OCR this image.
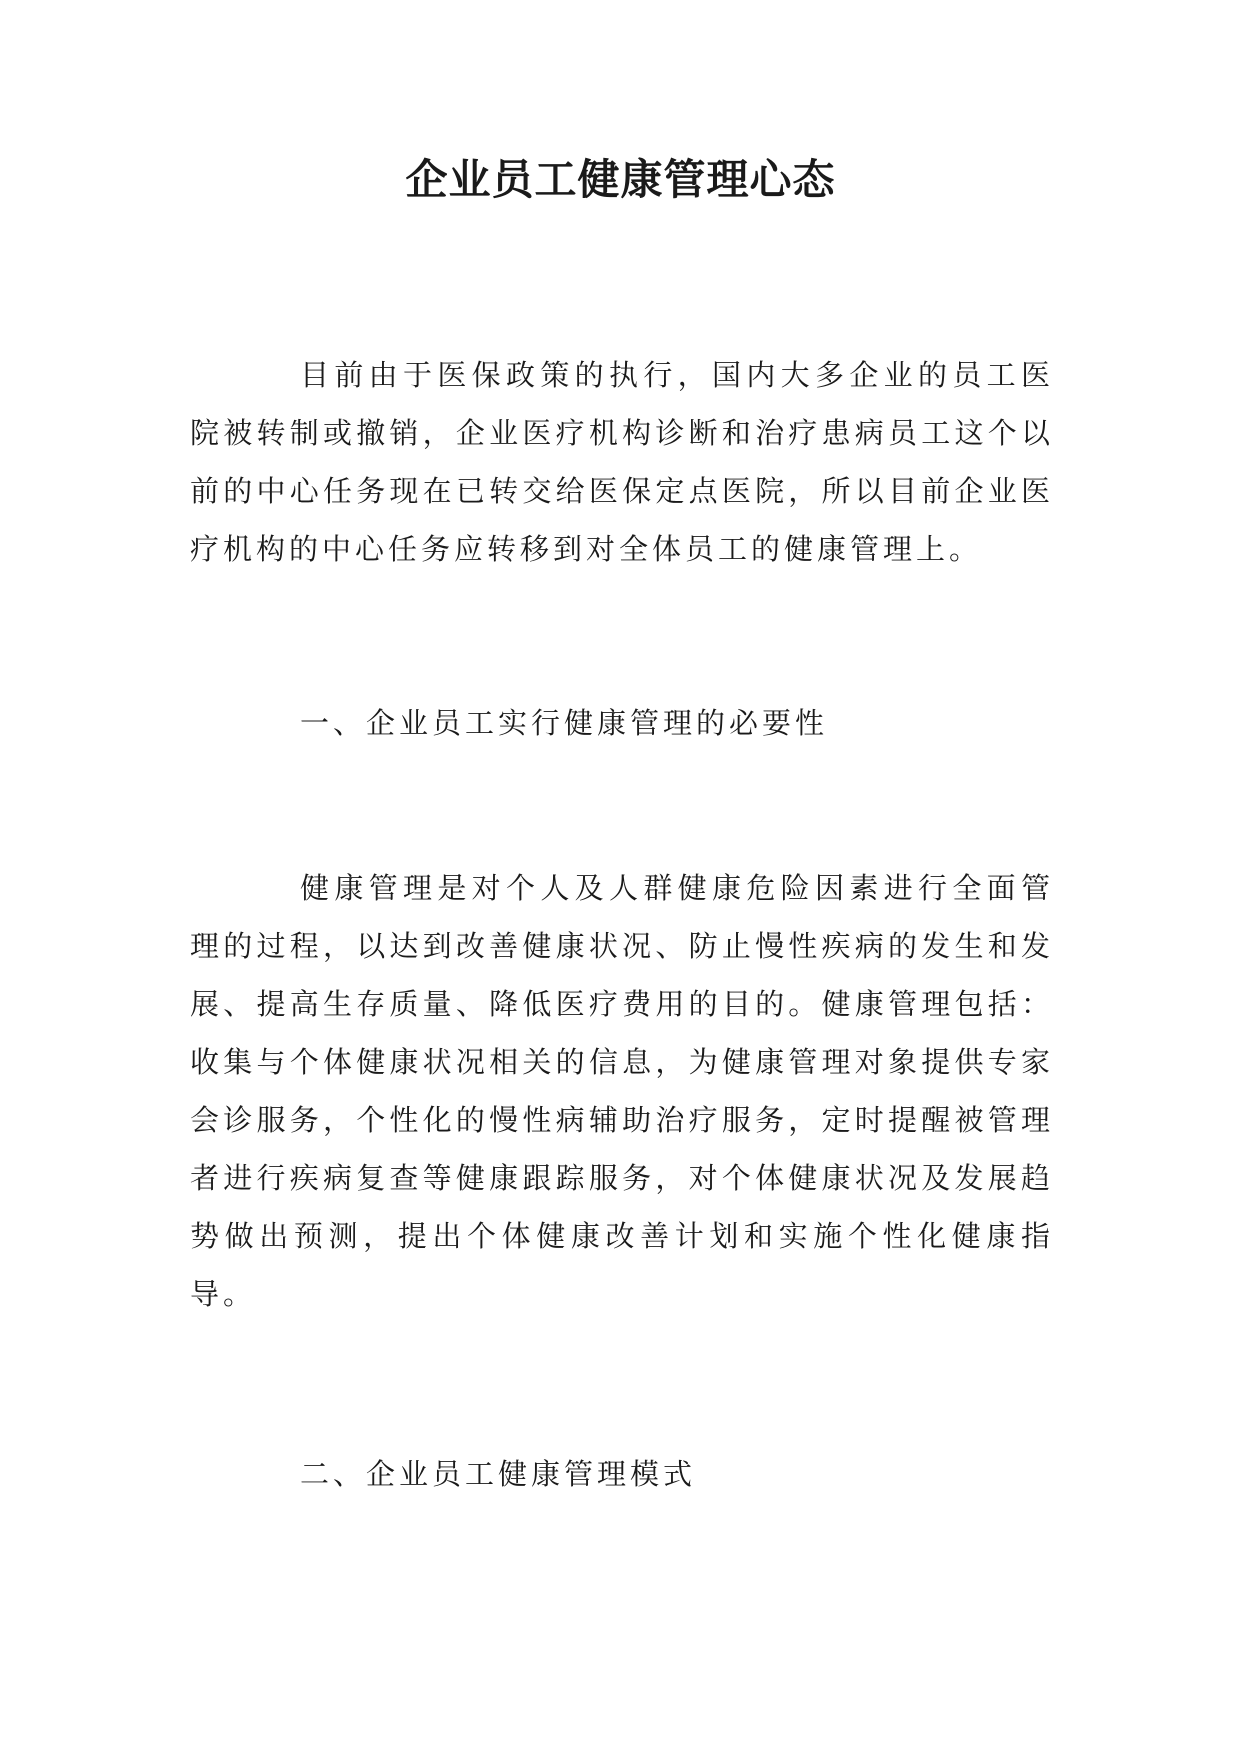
企业员工健康管理心态

目前由于医保政策的执行，国内大多企业的员工医院被转制或撤销，企业医疗机构诊断和治疗患病员工这个以前的中心任务现在已转交给医保定点医院，所以目前企业医疗机构的中心任务应转移到对全体员工的健康管理上。

一、企业员工实行健康管理的必要性

健康管理是对个人及人群健康危险因素进行全面管理的过程，以达到改善健康状况、防止慢性疾病的发生和发展、提高生存质量、降低医疗费用的目的。健康管理包括：收集与个体健康状况相关的信息，为健康管理对象提供专家会诊服务，个性化的慢性病辅助治疗服务，定时提醒被管理者进行疾病复查等健康跟踪服务，对个体健康状况及发展趋势做出预测，提出个体健康改善计划和实施个性化健康指导。

二、企业员工健康管理模式
